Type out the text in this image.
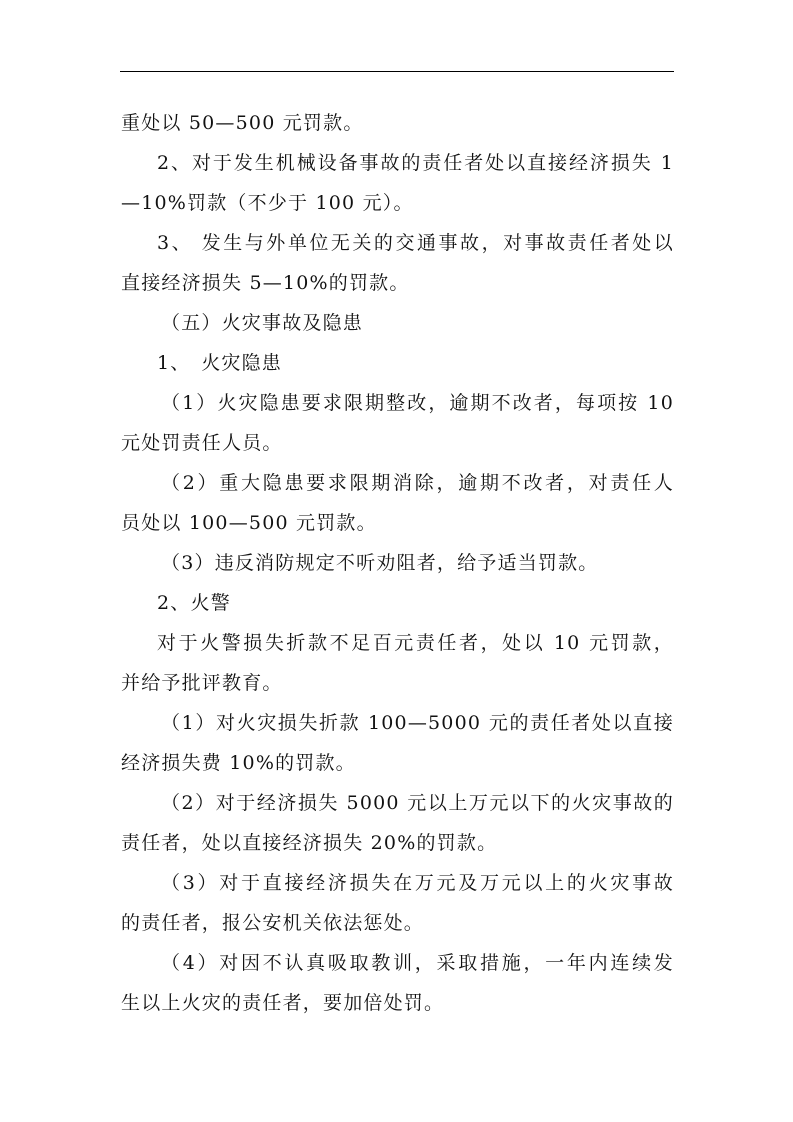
重处以 50—500 元罚款。
2、对于发生机械设备事故的责任者处以直接经济损失 1
—10%罚款（不少于 100 元）。
3、 发生与外单位无关的交通事故，对事故责任者处以
直接经济损失 5—10%的罚款。
（五）火灾事故及隐患
1、　火灾隐患
（1）火灾隐患要求限期整改，逾期不改者，每项按 10
元处罚责任人员。
（2）重大隐患要求限期消除，逾期不改者，对责任人
员处以 100—500 元罚款。
（3）违反消防规定不听劝阻者，给予适当罚款。
2、火警
对于火警损失折款不足百元责任者，处以 10 元罚款，
并给予批评教育。
（1）对火灾损失折款 100—5000 元的责任者处以直接
经济损失费 10%的罚款。
（2）对于经济损失 5000 元以上万元以下的火灾事故的
责任者，处以直接经济损失 20%的罚款。
（3）对于直接经济损失在万元及万元以上的火灾事故
的责任者，报公安机关依法惩处。
（4）对因不认真吸取教训，采取措施，一年内连续发
生以上火灾的责任者，要加倍处罚。
